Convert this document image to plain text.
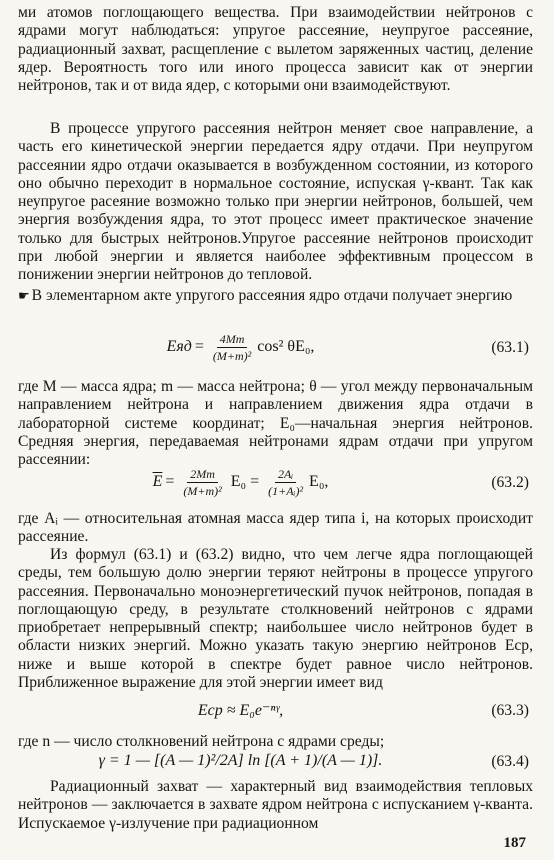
ми атомов поглощающего вещества. При взаимодействии нейтронов с ядрами могут наблюдаться: упругое рассеяние, неупругое рассеяние, радиационный захват, расщепление с вылетом заряженных частиц, деление ядер. Вероятность того или иного процесса зависит как от энергии нейтронов, так и от вида ядер, с которыми они взаимодействуют.
В процессе упругого рассеяния нейтрон меняет свое направление, а часть его кинетической энергии передается ядру отдачи. При неупругом рассеянии ядро отдачи оказывается в возбужденном состоянии, из которого оно обычно переходит в нормальное состояние, испуская γ-квант. Так как неупругое расеяние возможно только при энергии нейтронов, большей, чем энергия возбуждения ядра, то этот процесс имеет практическое значение только для быстрых нейтронов.Упругое рассеяние нейтронов происходит при любой энергии и является наиболее эффективным процессом в понижении энергии нейтронов до тепловой.
☛ В элементарном акте упругого рассеяния ядро отдачи получает энергию
Eяд = $\frac{4Mm}{\text{(M+m)²}} \cos^2$ θE₀,	(63.1)
где M — масса ядра; m — масса нейтрона; θ — угол между первоначальным направлением нейтрона и направлением движения ядра отдачи в лабораторной системе координат; E₀—начальная энергия нейтронов. Средняя энергия, передаваемая нейтронами ядрам отдачи при упругом рассеянии:
$\overline{E} = \frac{2Mm}{\text{(M+m)²}} E_0 = \frac{\text{2Aᵢ}}{\text{(1+Aᵢ)²}} E_0$,	(63.2)
где Aᵢ — относительная атомная масса ядер типа i, на которых происходит рассеяние.
Из формул (63.1) и (63.2) видно, что чем легче ядра поглощающей среды, тем большую долю энергии теряют нейтроны в процессе упругого рассеяния. Первоначально моноэнергетический пучок нейтронов, попадая в поглощающую среду, в результате столкновений нейтронов с ядрами приобретает непрерывный спектр; наибольшее число нейтронов будет в области низких энергий. Можно указать такую энергию нейтронов Eср, ниже и выше которой в спектре будет равное число нейтронов. Приближенное выражение для этой энергии имеет вид
Eср ≈ E₀e⁻ⁿᵞ,	(63.3)
где n — число столкновений нейтрона с ядрами среды;
γ = 1 — [(A — 1)²/2A] ln [(A + 1)/(A — 1)].	(63.4)
Радиационный захват — характерный вид взаимодействия тепловых нейтронов — заключается в захвате ядром нейтрона с испусканием γ-кванта. Испускаемое γ-излучение при радиационном
187
